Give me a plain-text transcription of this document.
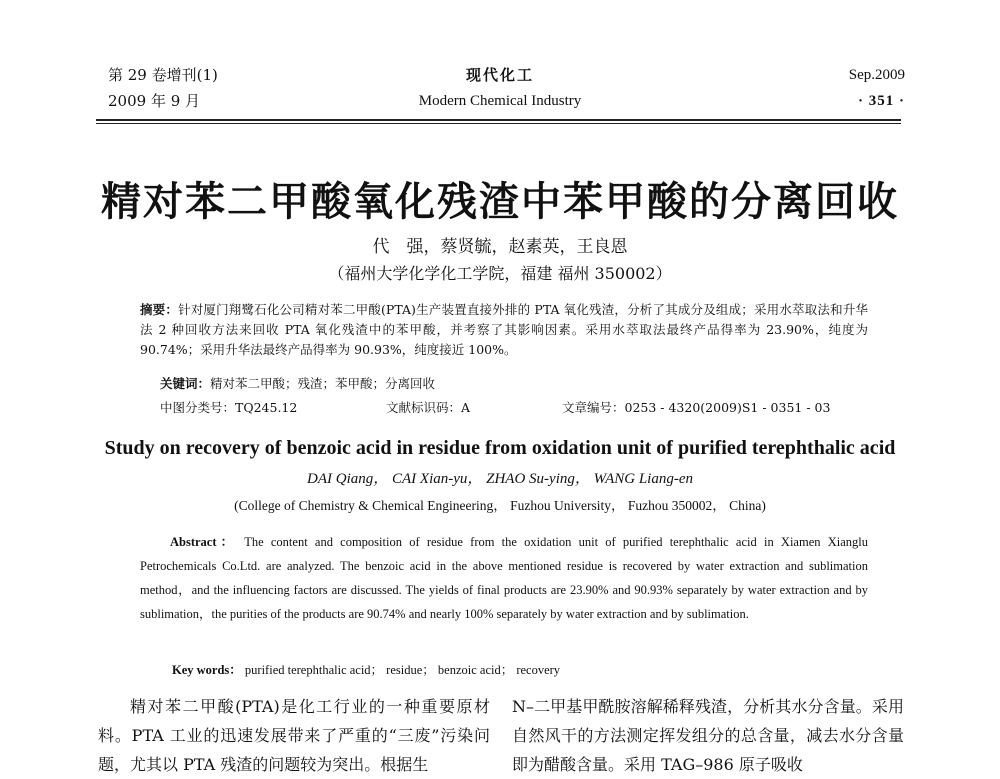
第 29 卷增刊(1)
2009 年 9 月
现代化工
Modern Chemical Industry
Sep.2009
· 351 ·
精对苯二甲酸氧化残渣中苯甲酸的分离回收
代　强，蔡贤毓，赵素英，王良恩
（福州大学化学化工学院，福建 福州 350002）
摘要：针对厦门翔鹭石化公司精对苯二甲酸(PTA)生产装置直接外排的 PTA 氧化残渣，分析了其成分及组成；采用水萃取法和升华法 2 种回收方法来回收 PTA 氧化残渣中的苯甲酸，并考察了其影响因素。采用水萃取法最终产品得率为 23.90%，纯度为 90.74%；采用升华法最终产品得率为 90.93%，纯度接近 100%。
关键词：精对苯二甲酸；残渣；苯甲酸；分离回收
中图分类号：TQ245.12	文献标识码：A	文章编号：0253 - 4320(2009)S1 - 0351 - 03
Study on recovery of benzoic acid in residue from oxidation unit of purified terephthalic acid
DAI Qiang， CAI Xian-yu， ZHAO Su-ying， WANG Liang-en
(College of Chemistry & Chemical Engineering， Fuzhou University， Fuzhou 350002， China)
Abstract： The content and composition of residue from the oxidation unit of purified terephthalic acid in Xiamen Xianglu Petrochemicals Co.Ltd. are analyzed. The benzoic acid in the above mentioned residue is recovered by water extraction and sublimation method，and the influencing factors are discussed. The yields of final products are 23.90% and 90.93% separately by water extraction and by sublimation，the purities of the products are 90.74% and nearly 100% separately by water extraction and by sublimation.
Key words： purified terephthalic acid； residue； benzoic acid； recovery
精对苯二甲酸(PTA)是化工行业的一种重要原材料。PTA 工业的迅速发展带来了严重的“三废”污染问题，尤其以 PTA 残渣的问题较为突出。根据生
N–二甲基甲酰胺溶解稀释残渣，分析其水分含量。采用自然风干的方法测定挥发组分的总含量，减去水分含量即为醋酸含量。采用 TAG–986 原子吸收
